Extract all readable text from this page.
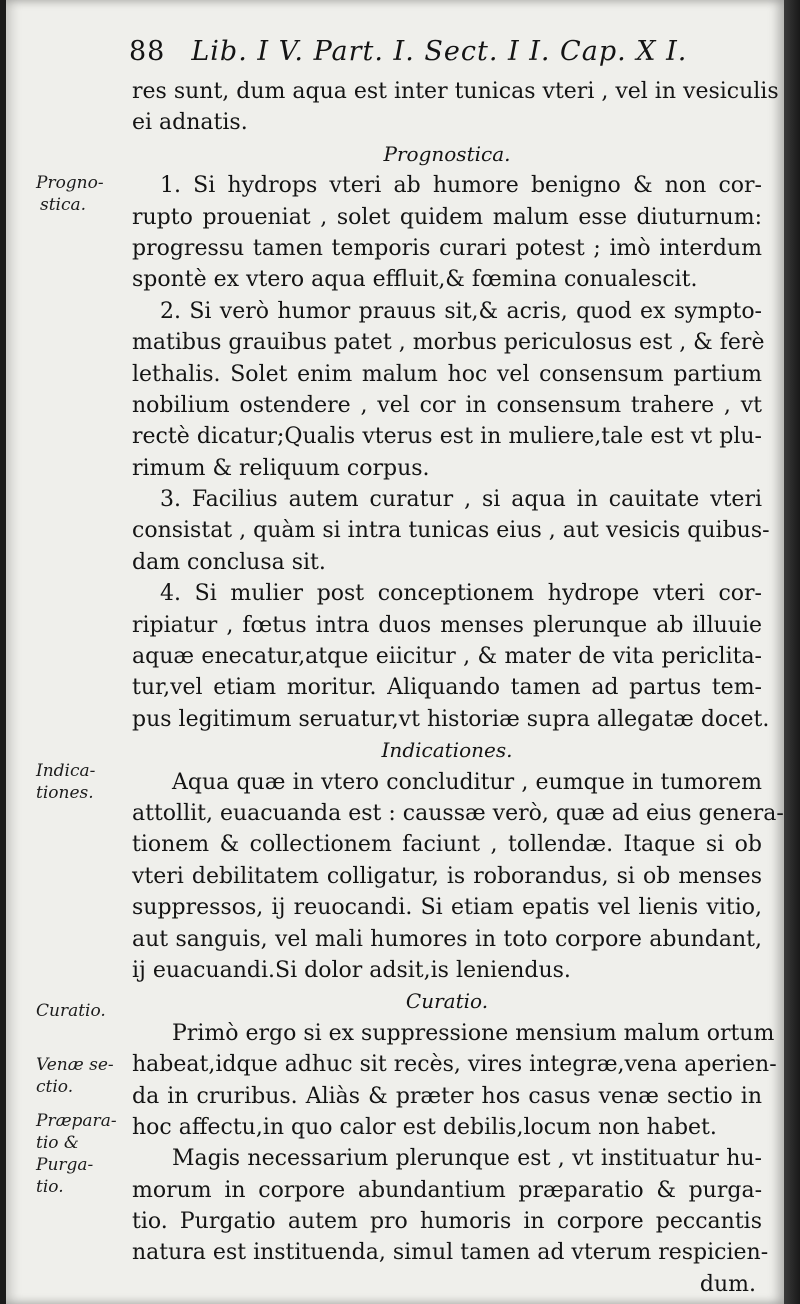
88 Lib. I V. Part. I. Sect. I I. Cap. X I.
Progno-
stica.
Indica-
tiones.
Curatio.
Venæ se-
ctio.
Præpara-
tio &
Purga-
tio.
res sunt, dum aqua est inter tunicas vteri , vel in vesiculis
ei adnatis.
Prognostica.
1. Si hydrops vteri ab humore benigno & non cor-
rupto proueniat , solet quidem malum esse diuturnum:
progressu tamen temporis curari potest ; imò interdum
spontè ex vtero aqua effluit,& fœmina conualescit.
2. Si verò humor prauus sit,& acris, quod ex sympto-
matibus grauibus patet , morbus periculosus est , & ferè
lethalis. Solet enim malum hoc vel consensum partium
nobilium ostendere , vel cor in consensum trahere , vt
rectè dicatur;Qualis vterus est in muliere,tale est vt plu-
rimum & reliquum corpus.
3. Facilius autem curatur , si aqua in cauitate vteri
consistat , quàm si intra tunicas eius , aut vesicis quibus-
dam conclusa sit.
4. Si mulier post conceptionem hydrope vteri cor-
ripiatur , fœtus intra duos menses plerunque ab illuuie
aquæ enecatur,atque eiicitur , & mater de vita periclita-
tur,vel etiam moritur. Aliquando tamen ad partus tem-
pus legitimum seruatur,vt historiæ supra allegatæ docet.
Indicationes.
Aqua quæ in vtero concluditur , eumque in tumorem
attollit, euacuanda est : caussæ verò, quæ ad eius genera-
tionem & collectionem faciunt , tollendæ. Itaque si ob
vteri debilitatem colligatur, is roborandus, si ob menses
suppressos, ij reuocandi. Si etiam epatis vel lienis vitio,
aut sanguis, vel mali humores in toto corpore abundant,
ij euacuandi.Si dolor adsit,is leniendus.
Curatio.
Primò ergo si ex suppressione mensium malum ortum
habeat,idque adhuc sit recès, vires integræ,vena aperien-
da in cruribus. Aliàs & præter hos casus venæ sectio in
hoc affectu,in quo calor est debilis,locum non habet.
Magis necessarium plerunque est , vt instituatur hu-
morum in corpore abundantium præparatio & purga-
tio. Purgatio autem pro humoris in corpore peccantis
natura est instituenda, simul tamen ad vterum respicien-
dum.
